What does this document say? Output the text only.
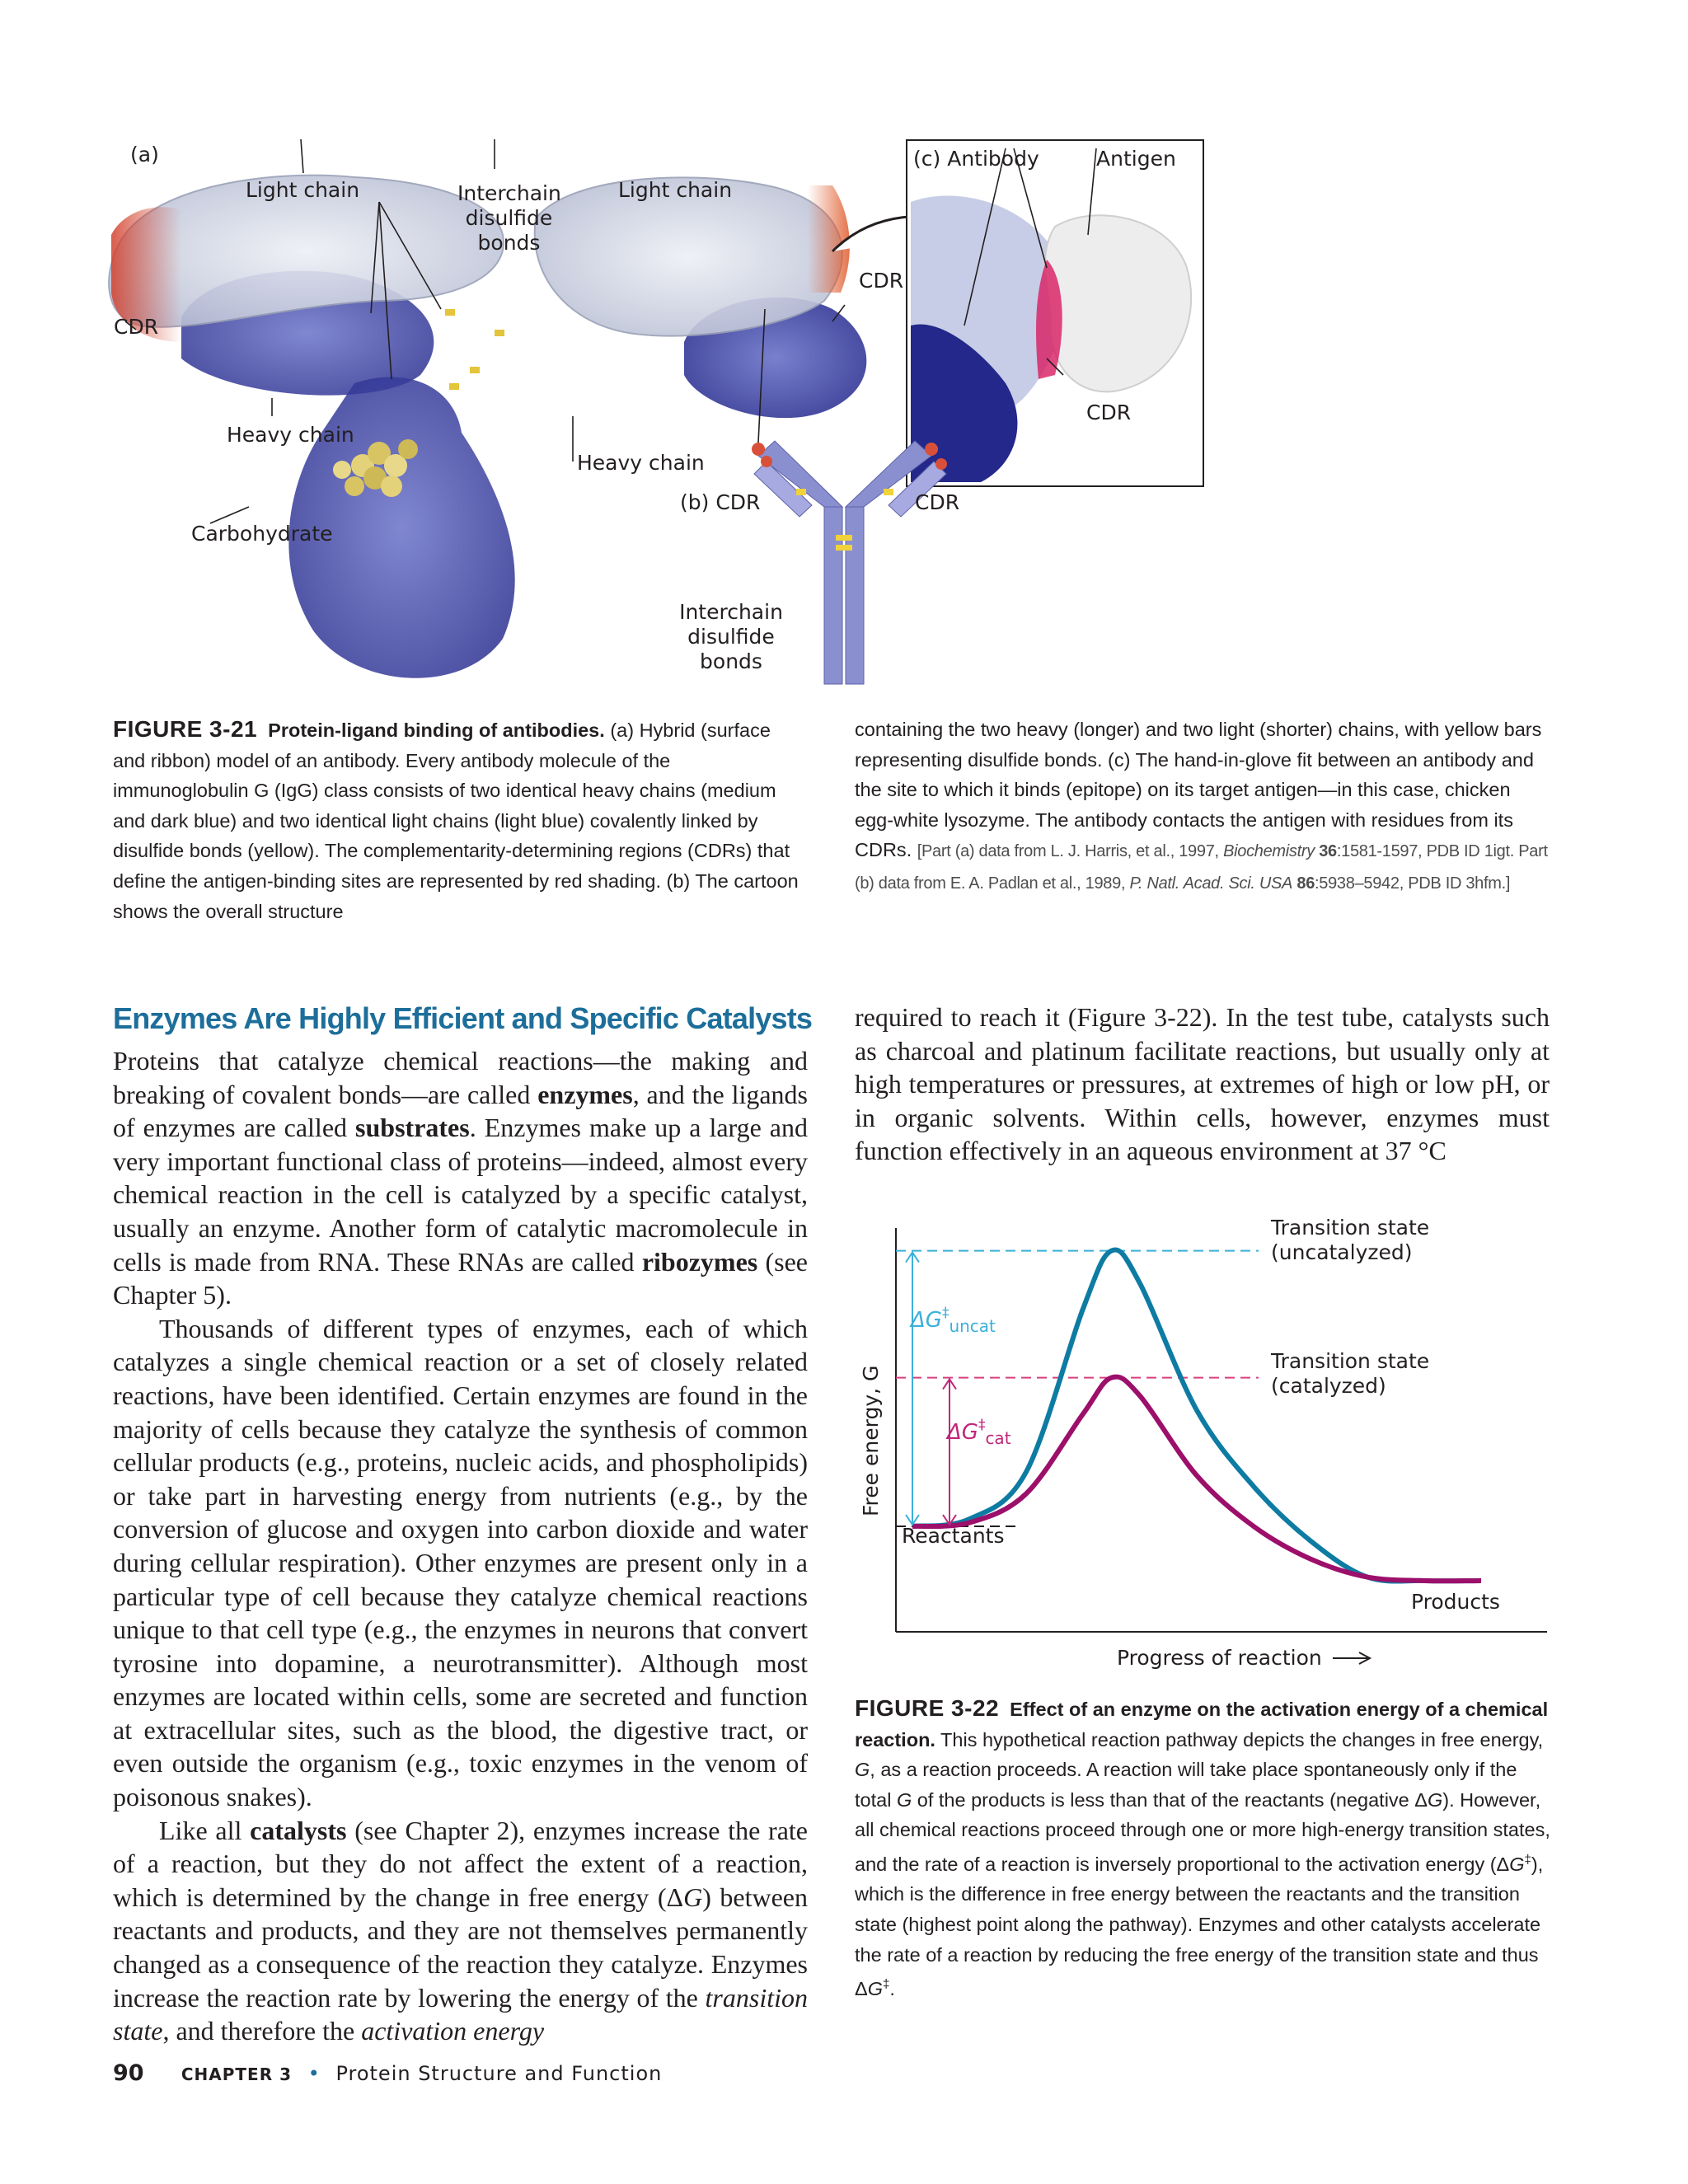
(a)
Light chain	Interchain
disulfide
bonds
Light chain
CDR
CDR
Heavy chain
Heavy chain
Carbohydrate
(b) CDR	CDR
Interchain
disulfide
bonds
(c) Antibody	Antigen
CDR
FIGURE 3-21 Protein-ligand binding of antibodies. (a) Hybrid (surface and ribbon) model of an antibody. Every antibody molecule of the immunoglobulin G (IgG) class consists of two identical heavy chains (medium and dark blue) and two identical light chains (light blue) covalently linked by disulfide bonds (yellow). The complementarity-determining regions (CDRs) that define the antigen-binding sites are represented by red shading. (b) The cartoon shows the overall structure
containing the two heavy (longer) and two light (shorter) chains, with yellow bars representing disulfide bonds. (c) The hand-in-glove fit between an antibody and the site to which it binds (epitope) on its target antigen—in this case, chicken egg-white lysozyme. The antibody contacts the antigen with residues from its CDRs. [Part (a) data from L. J. Harris, et al., 1997, Biochemistry 36:1581-1597, PDB ID 1igt. Part (b) data from E. A. Padlan et al., 1989, P. Natl. Acad. Sci. USA 86:5938–5942, PDB ID 3hfm.]
Enzymes Are Highly Efficient and Specific Catalysts

Proteins that catalyze chemical reactions—the making and breaking of covalent bonds—are called enzymes, and the ligands of enzymes are called substrates. Enzymes make up a large and very important functional class of proteins—indeed, almost every chemical reaction in the cell is catalyzed by a specific catalyst, usually an enzyme. Another form of catalytic macromolecule in cells is made from RNA. These RNAs are called ribozymes (see Chapter 5).

Thousands of different types of enzymes, each of which catalyzes a single chemical reaction or a set of closely related reactions, have been identified. Certain enzymes are found in the majority of cells because they catalyze the synthesis of common cellular products (e.g., proteins, nucleic acids, and phospholipids) or take part in harvesting energy from nutrients (e.g., by the conversion of glucose and oxygen into carbon dioxide and water during cellular respiration). Other enzymes are present only in a particular type of cell because they catalyze chemical reactions unique to that cell type (e.g., the enzymes in neurons that convert tyrosine into dopamine, a neurotransmitter). Although most enzymes are located within cells, some are secreted and function at extracellular sites, such as the blood, the digestive tract, or even outside the organism (e.g., toxic enzymes in the venom of poisonous snakes).

Like all catalysts (see Chapter 2), enzymes increase the rate of a reaction, but they do not affect the extent of a reaction, which is determined by the change in free energy (ΔG) between reactants and products, and they are not themselves permanently changed as a consequence of the reaction they catalyze. Enzymes increase the reaction rate by lowering the energy of the transition state, and therefore the activation energy

required to reach it (Figure 3-22). In the test tube, catalysts such as charcoal and platinum facilitate reactions, but usually only at high temperatures or pressures, at extremes of high or low pH, or in organic solvents. Within cells, however, enzymes must function effectively in an aqueous environment at 37 °C
Free energy, G
Progress of reaction
Transition state
(uncatalyzed)
Transition state
(catalyzed)
Reactants
Products
$\Delta G^\ddagger_{uncat}$
$\Delta G^\ddagger_{cat}$
FIGURE 3-22 Effect of an enzyme on the activation energy of a chemical reaction. This hypothetical reaction pathway depicts the changes in free energy, G, as a reaction proceeds. A reaction will take place spontaneously only if the total G of the products is less than that of the reactants (negative ΔG). However, all chemical reactions proceed through one or more high-energy transition states, and the rate of a reaction is inversely proportional to the activation energy (ΔG‡), which is the difference in free energy between the reactants and the transition state (highest point along the pathway). Enzymes and other catalysts accelerate the rate of a reaction by reducing the free energy of the transition state and thus ΔG‡.
90 CHAPTER 3 • Protein Structure and Function
